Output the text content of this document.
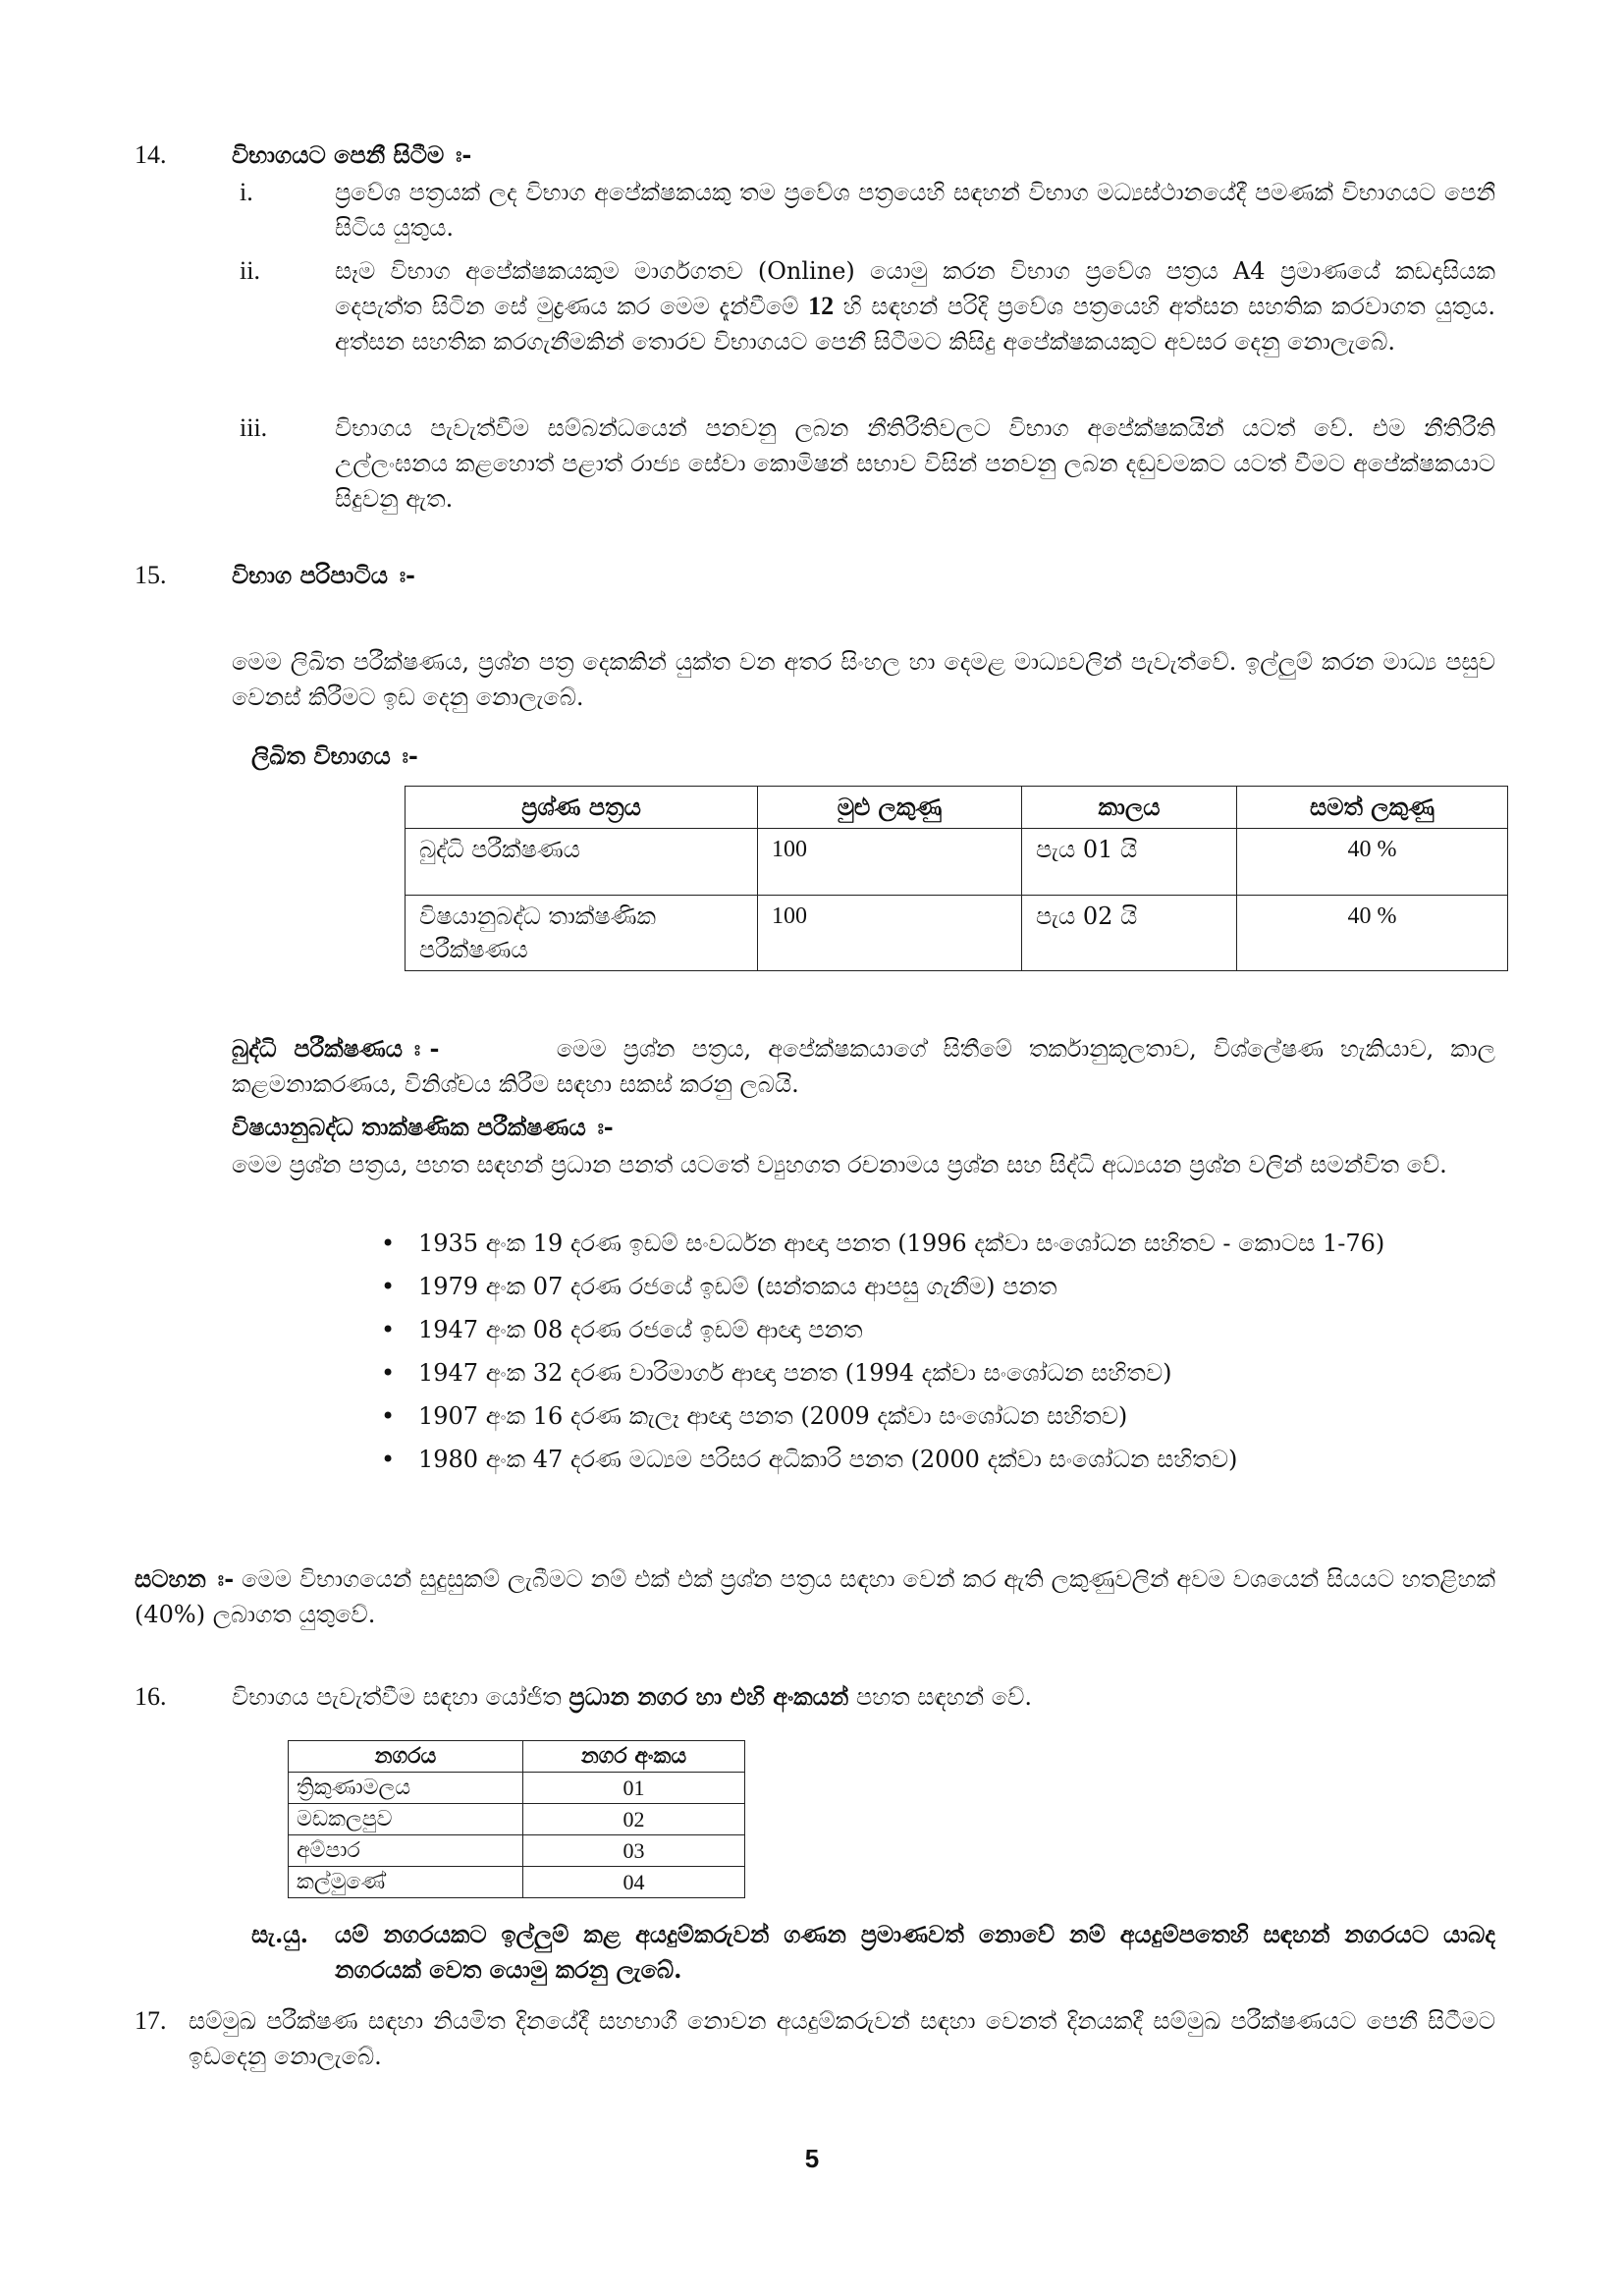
14.	විභාගයට පෙනී සිටීම ඃ-
i.	ප්‍රවේශ පත්‍රයක් ලද විභාග අපේක්ෂකයකු තම ප්‍රවේශ පත්‍රයෙහි සඳහන් විභාග මධ්‍යස්ථානයේදී පමණක් විභාගයට පෙනී සිටිය යුතුය.
ii.	සෑම විභාග අපේක්ෂකයකුම මාර්ගගතව (Online) යොමු කරන විභාග ප්‍රවේශ පත්‍රය A4 ප්‍රමාණයේ කඩදාසියක දෙපැත්ත සිටින සේ මුද්‍රණය කර මෙම දැන්වීමේ 12 හි සඳහන් පරිදි ප්‍රවේශ පත්‍රයෙහි අත්සන සහතික කරවාගත යුතුය. අත්සන සහතික කරගැනීමකින් තොරව විභාගයට පෙනී සිටීමට කිසිදු අපේක්ෂකයකුට අවසර දෙනු නොලැබේ.
iii.	විභාගය පැවැත්වීම සම්බන්ධයෙන් පනවනු ලබන නීතිරීතිවලට විභාග අපේක්ෂකයින් යටත් වේ. එම නීතිරීති උල්ලංඝනය කළහොත් පළාත් රාජ්‍ය සේවා කොමිෂන් සභාව විසින් පනවනු ලබන දඬුවමකට යටත් වීමට අපේක්ෂකයාට සිදුවනු ඇත.
15.	විභාග පරිපාටිය ඃ-
මෙම ලිඛිත පරීක්ෂණය, ප්‍රශ්න පත්‍ර දෙකකින් යුක්ත වන අතර සිංහල හා දෙමළ මාධ්‍යවලින් පැවැත්වේ. ඉල්ලුම් කරන මාධ්‍ය පසුව වෙනස් කිරීමට ඉඩ දෙනු නොලැබේ.
ලිඛිත විභාගය ඃ-
ප්‍රශ්ණ පත්‍රය	මුළු ලකුණු	කාලය	සමත් ලකුණු
බුද්ධි පරීක්ෂණය	100	පැය 01 යි	40 %
විෂයානුබද්ධ තාක්ෂණික පරීක්ෂණය	100	පැය 02 යි	40 %
බුද්ධි පරීක්ෂණය ඃ-	මෙම ප්‍රශ්න පත්‍රය, අපේක්ෂකයාගේ සිතීමේ තර්කානුකූලතාව, විශ්ලේෂණ හැකියාව, කාල කළමනාකරණය, විනිශ්චය කිරීම සඳහා සකස් කරනු ලබයි.
විෂයානුබද්ධ තාක්ෂණික පරීක්ෂණය ඃ-
මෙම ප්‍රශ්න පත්‍රය, පහත සඳහන් ප්‍රධාන පනත් යටතේ ව්‍යුහගත රචනාමය ප්‍රශ්න සහ සිද්ධි අධ්‍යයන ප්‍රශ්න වලින් සමන්විත වේ.
• 1935 අංක 19 දරණ ඉඩම් සංවර්ධන ආඥා පනත (1996 දක්වා සංශෝධන සහිතව - කොටස 1-76)
• 1979 අංක 07 දරණ රජයේ ඉඩම් (සන්තකය ආපසු ගැනීම) පනත
• 1947 අංක 08 දරණ රජයේ ඉඩම් ආඥා පනත
• 1947 අංක 32 දරණ වාරිමාර්ග ආඥා පනත (1994 දක්වා සංශෝධන සහිතව)
• 1907 අංක 16 දරණ කැලෑ ආඥා පනත (2009 දක්වා සංශෝධන සහිතව)
• 1980 අංක 47 දරණ මධ්‍යම පරිසර අධිකාරි පනත (2000 දක්වා සංශෝධන සහිතව)
සටහන ඃ- මෙම විභාගයෙන් සුදුසුකම් ලැබීමට නම් එක් එක් ප්‍රශ්න පත්‍රය සඳහා වෙන් කර ඇති ලකුණුවලින් අවම වශයෙන් සියයට හතළිහක් (40%) ලබාගත යුතුවේ.
16.	විභාගය පැවැත්වීම සඳහා යෝජිත ප්‍රධාන නගර හා එහි අංකයන් පහත සඳහන් වේ.
නගරය	නගර අංකය
ත්‍රිකුණාමලය	01
මඩකලපුව	02
අම්පාර	03
කල්මුණේ	04
සැ.යු. යම් නගරයකට ඉල්ලුම් කළ අයදුම්කරුවන් ගණන ප්‍රමාණවත් නොවේ නම් අයදුම්පතෙහි සඳහන් නගරයට යාබද නගරයක් වෙත යොමු කරනු ලැබේ.
17. සම්මුඛ පරීක්ෂණ සඳහා නියමිත දිනයේදී සහභාගී නොවන අයදුම්කරුවන් සඳහා වෙනත් දිනයකදී සම්මුඛ පරීක්ෂණයට පෙනී සිටීමට ඉඩදෙනු නොලැබේ.
5
